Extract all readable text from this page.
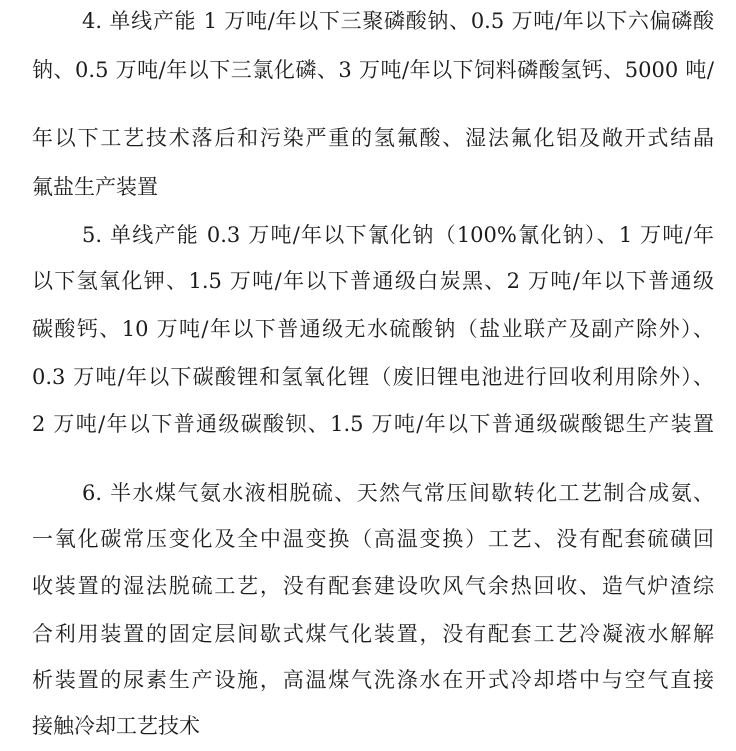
4. 单线产能 1 万吨/年以下三聚磷酸钠、0.5 万吨/年以下六偏磷酸
钠、0.5 万吨/年以下三氯化磷、3 万吨/年以下饲料磷酸氢钙、5000 吨/
年以下工艺技术落后和污染严重的氢氟酸、湿法氟化铝及敞开式结晶
氟盐生产装置
5. 单线产能 0.3 万吨/年以下氰化钠（100%氰化钠）、1 万吨/年
以下氢氧化钾、1.5 万吨/年以下普通级白炭黑、2 万吨/年以下普通级
碳酸钙、10 万吨/年以下普通级无水硫酸钠（盐业联产及副产除外）、
0.3 万吨/年以下碳酸锂和氢氧化锂（废旧锂电池进行回收利用除外）、
2 万吨/年以下普通级碳酸钡、1.5 万吨/年以下普通级碳酸锶生产装置
6. 半水煤气氨水液相脱硫、天然气常压间歇转化工艺制合成氨、
一氧化碳常压变化及全中温变换（高温变换）工艺、没有配套硫磺回
收装置的湿法脱硫工艺，没有配套建设吹风气余热回收、造气炉渣综
合利用装置的固定层间歇式煤气化装置，没有配套工艺冷凝液水解解
析装置的尿素生产设施，高温煤气洗涤水在开式冷却塔中与空气直接
接触冷却工艺技术
